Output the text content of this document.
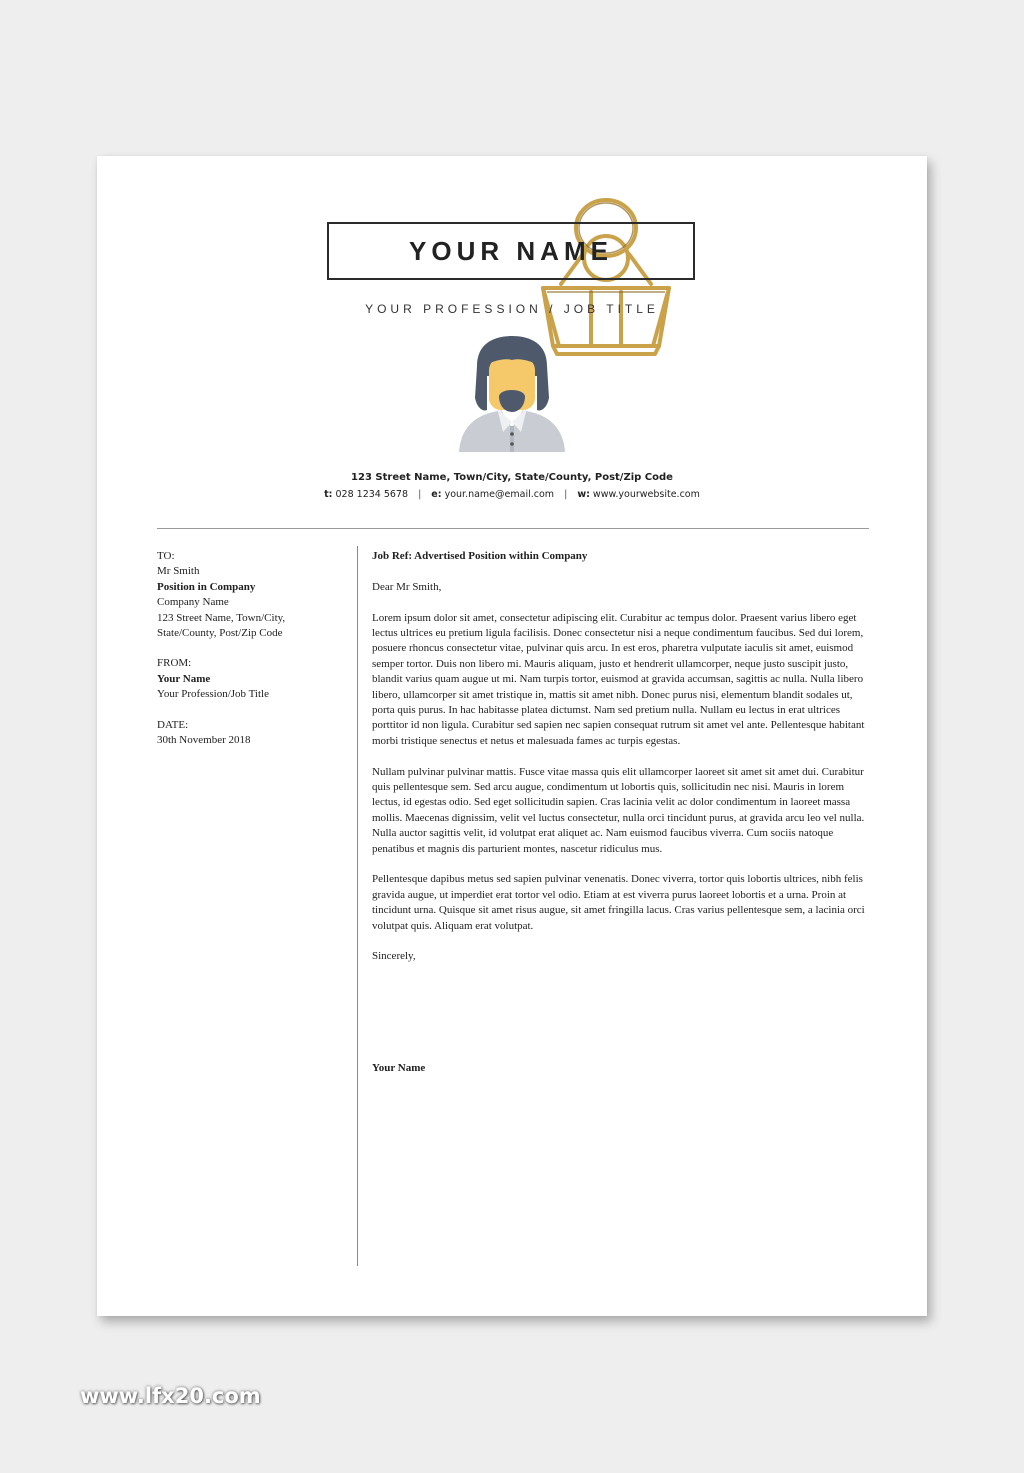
YOUR NAME
YOUR PROFESSION / JOB TITLE
123 Street Name, Town/City, State/County, Post/Zip Code
t: 028 1234 5678 | e: your.name@email.com | w: www.yourwebsite.com
TO:
Mr Smith
Position in Company
Company Name
123 Street Name, Town/City,
State/County, Post/Zip Code
FROM:
Your Name
Your Profession/Job Title
DATE:
30th November 2018

Job Ref: Advertised Position within Company

Dear Mr Smith,

Lorem ipsum dolor sit amet, consectetur adipiscing elit. Curabitur ac tempus dolor. Praesent varius libero eget lectus ultrices eu pretium ligula facilisis. Donec consectetur nisi a neque condimentum faucibus. Sed dui lorem, posuere rhoncus consectetur vitae, pulvinar quis arcu. In est eros, pharetra vulputate iaculis sit amet, euismod semper tortor. Duis non libero mi. Mauris aliquam, justo et hendrerit ullamcorper, neque justo suscipit justo, blandit varius quam augue ut mi. Nam turpis tortor, euismod at gravida accumsan, sagittis ac nulla. Nulla libero libero, ullamcorper sit amet tristique in, mattis sit amet nibh. Donec purus nisi, elementum blandit sodales ut, porta quis purus. In hac habitasse platea dictumst. Nam sed pretium nulla. Nullam eu lectus in erat ultrices porttitor id non ligula. Curabitur sed sapien nec sapien consequat rutrum sit amet vel ante. Pellentesque habitant morbi tristique senectus et netus et malesuada fames ac turpis egestas.

Nullam pulvinar pulvinar mattis. Fusce vitae massa quis elit ullamcorper laoreet sit amet sit amet dui. Curabitur quis pellentesque sem. Sed arcu augue, condimentum ut lobortis quis, sollicitudin nec nisi. Mauris in lorem lectus, id egestas odio. Sed eget sollicitudin sapien. Cras lacinia velit ac dolor condimentum in laoreet massa mollis. Maecenas dignissim, velit vel luctus consectetur, nulla orci tincidunt purus, at gravida arcu leo vel nulla. Nulla auctor sagittis velit, id volutpat erat aliquet ac. Nam euismod faucibus viverra. Cum sociis natoque penatibus et magnis dis parturient montes, nascetur ridiculus mus.

Pellentesque dapibus metus sed sapien pulvinar venenatis. Donec viverra, tortor quis lobortis ultrices, nibh felis gravida augue, ut imperdiet erat tortor vel odio. Etiam at est viverra purus laoreet lobortis et a urna. Proin at tincidunt urna. Quisque sit amet risus augue, sit amet fringilla lacus. Cras varius pellentesque sem, a lacinia orci volutpat quis. Aliquam erat volutpat.

Sincerely,

Your Name

www.lfx20.com
